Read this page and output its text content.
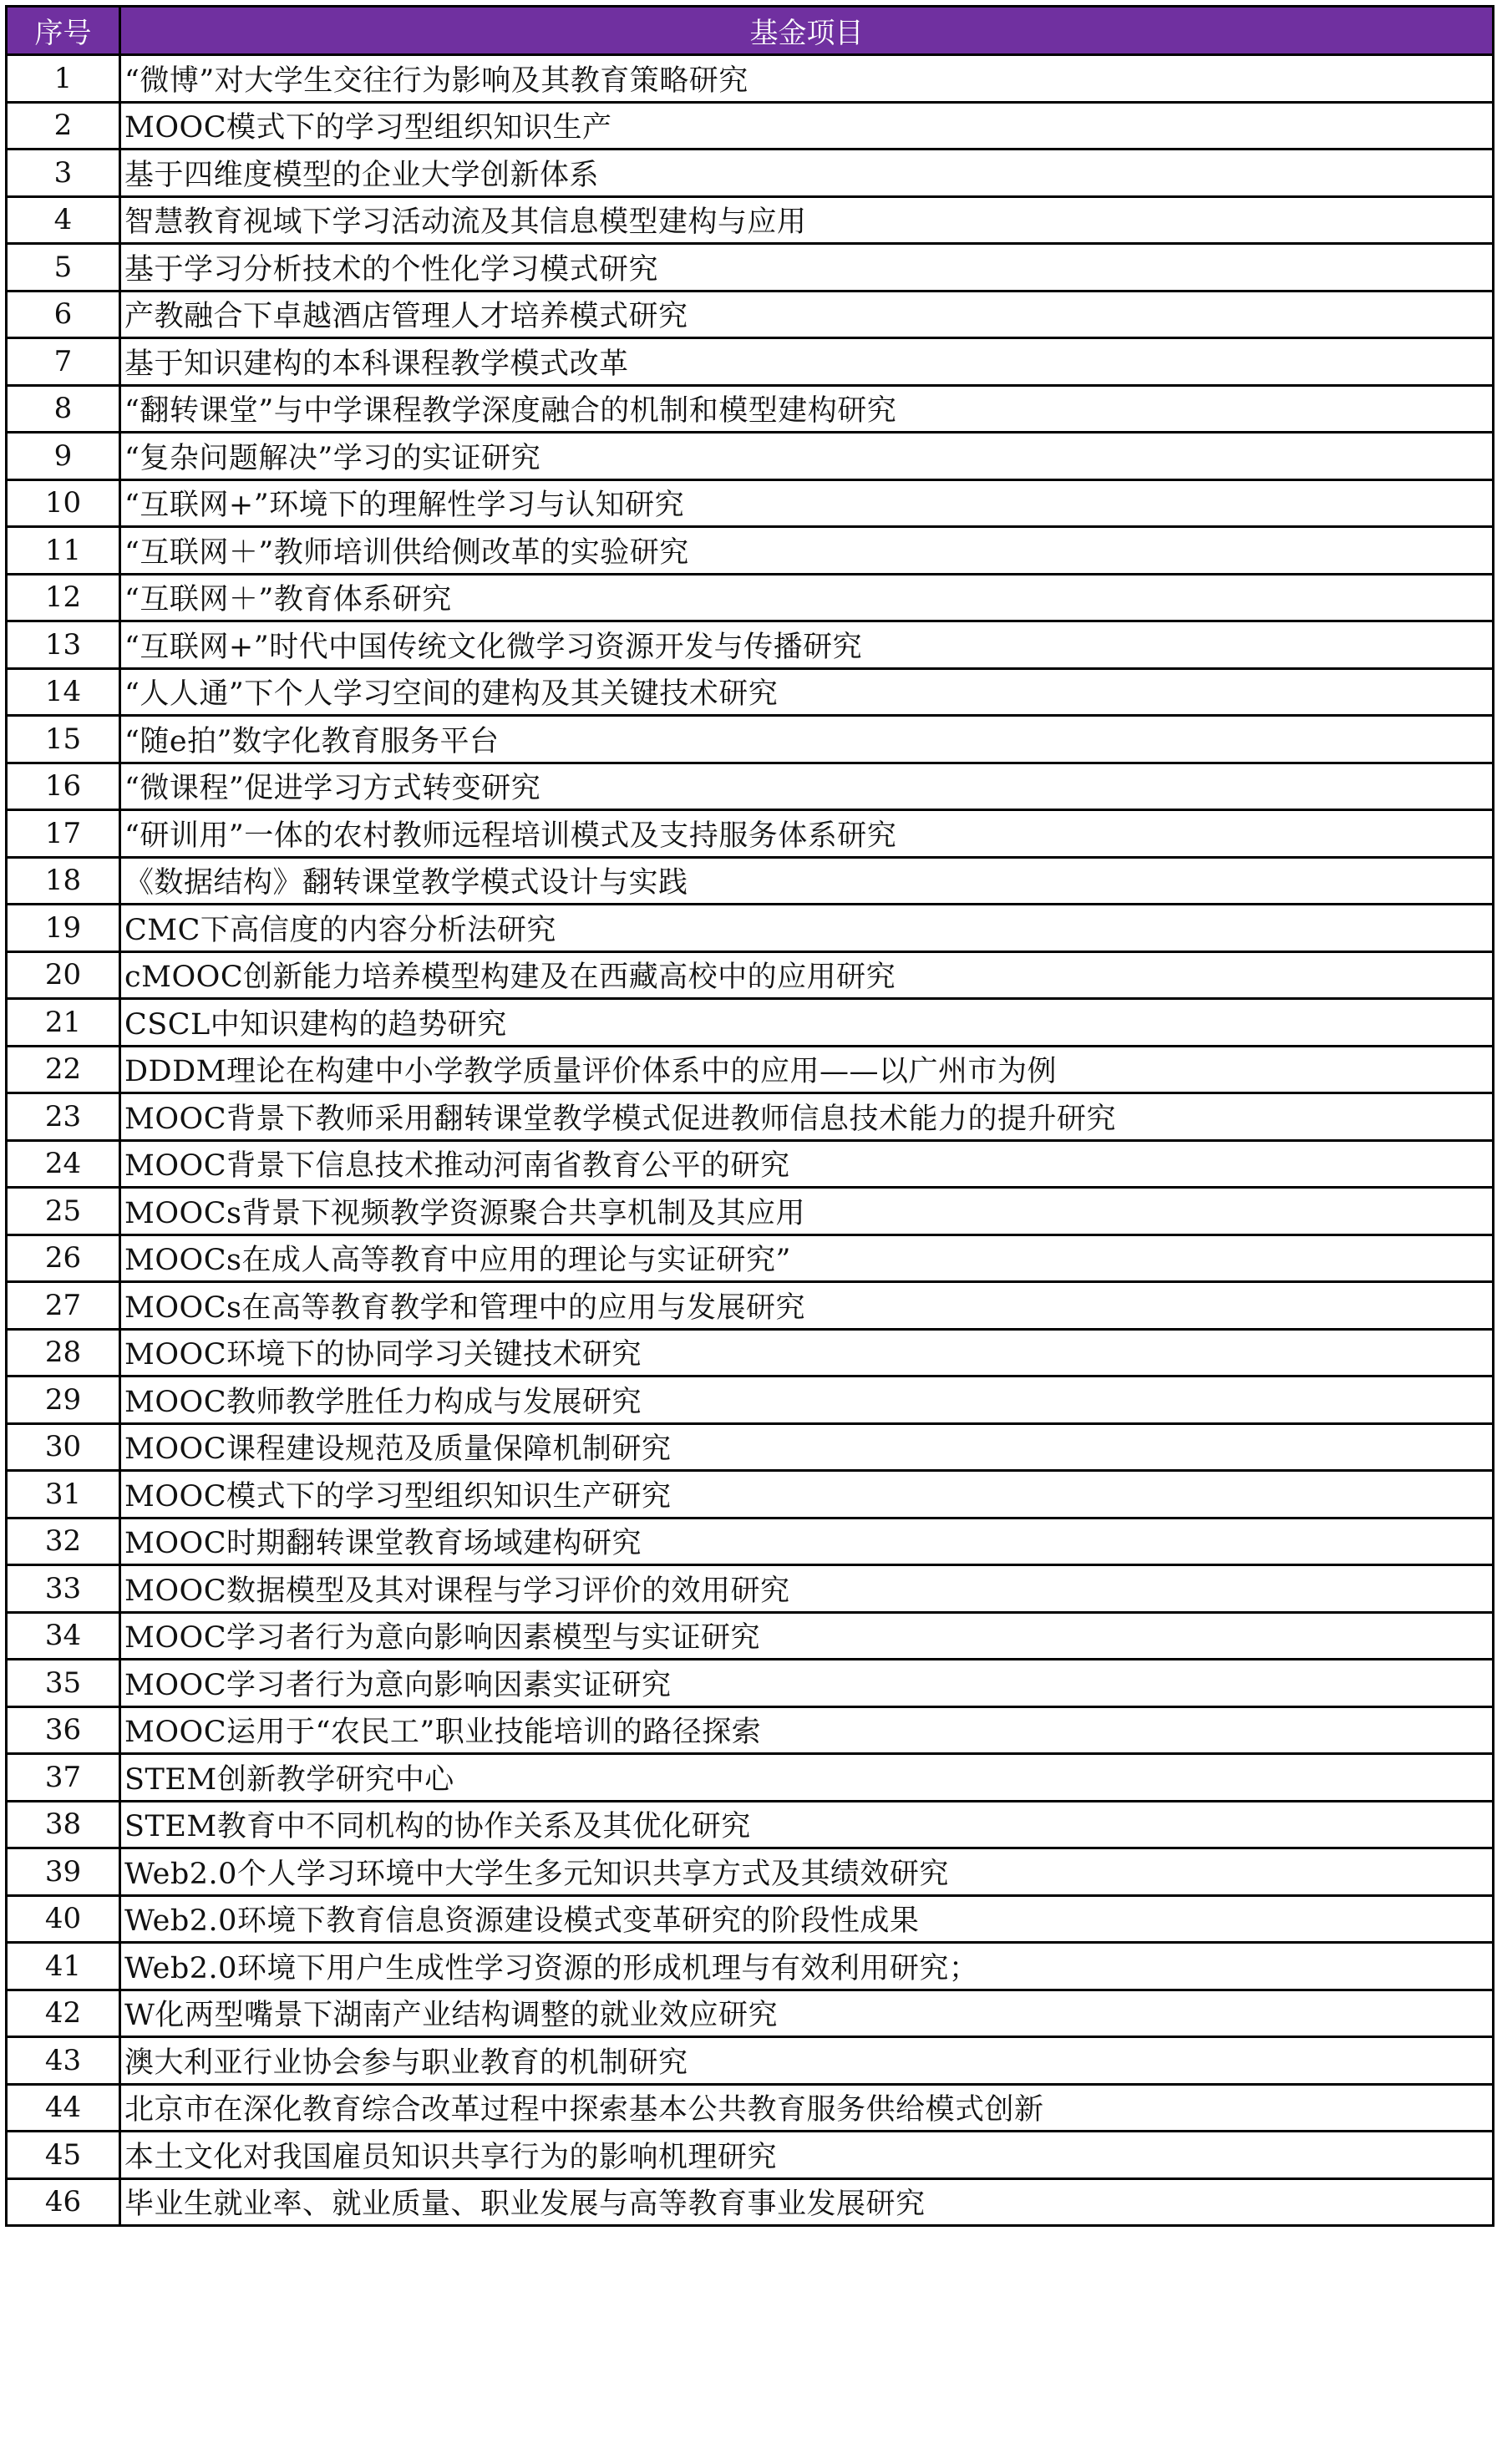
序号	基金项目
1	“微博”对大学生交往行为影响及其教育策略研究
2	MOOC模式下的学习型组织知识生产
3	基于四维度模型的企业大学创新体系
4	智慧教育视域下学习活动流及其信息模型建构与应用
5	基于学习分析技术的个性化学习模式研究
6	产教融合下卓越酒店管理人才培养模式研究
7	基于知识建构的本科课程教学模式改革
8	“翻转课堂”与中学课程教学深度融合的机制和模型建构研究
9	“复杂问题解决”学习的实证研究
10	“互联网+”环境下的理解性学习与认知研究
11	“互联网＋”教师培训供给侧改革的实验研究
12	“互联网＋”教育体系研究
13	“互联网+”时代中国传统文化微学习资源开发与传播研究
14	“人人通”下个人学习空间的建构及其关键技术研究
15	“随e拍”数字化教育服务平台
16	“微课程”促进学习方式转变研究
17	“研训用”一体的农村教师远程培训模式及支持服务体系研究
18	《数据结构》翻转课堂教学模式设计与实践
19	CMC下高信度的内容分析法研究
20	cMOOC创新能力培养模型构建及在西藏高校中的应用研究
21	CSCL中知识建构的趋势研究
22	DDDM理论在构建中小学教学质量评价体系中的应用——以广州市为例
23	MOOC背景下教师采用翻转课堂教学模式促进教师信息技术能力的提升研究
24	MOOC背景下信息技术推动河南省教育公平的研究
25	MOOCs背景下视频教学资源聚合共享机制及其应用
26	MOOCs在成人高等教育中应用的理论与实证研究”
27	MOOCs在高等教育教学和管理中的应用与发展研究
28	MOOC环境下的协同学习关键技术研究
29	MOOC教师教学胜任力构成与发展研究
30	MOOC课程建设规范及质量保障机制研究
31	MOOC模式下的学习型组织知识生产研究
32	MOOC时期翻转课堂教育场域建构研究
33	MOOC数据模型及其对课程与学习评价的效用研究
34	MOOC学习者行为意向影响因素模型与实证研究
35	MOOC学习者行为意向影响因素实证研究
36	MOOC运用于“农民工”职业技能培训的路径探索
37	STEM创新教学研究中心
38	STEM教育中不同机构的协作关系及其优化研究
39	Web2.0个人学习环境中大学生多元知识共享方式及其绩效研究
40	Web2.0环境下教育信息资源建设模式变革研究的阶段性成果
41	Web2.0环境下用户生成性学习资源的形成机理与有效利用研究；
42	W化两型嘴景下湖南产业结构调整的就业效应研究
43	澳大利亚行业协会参与职业教育的机制研究
44	北京市在深化教育综合改革过程中探索基本公共教育服务供给模式创新
45	本土文化对我国雇员知识共享行为的影响机理研究
46	毕业生就业率、就业质量、职业发展与高等教育事业发展研究
